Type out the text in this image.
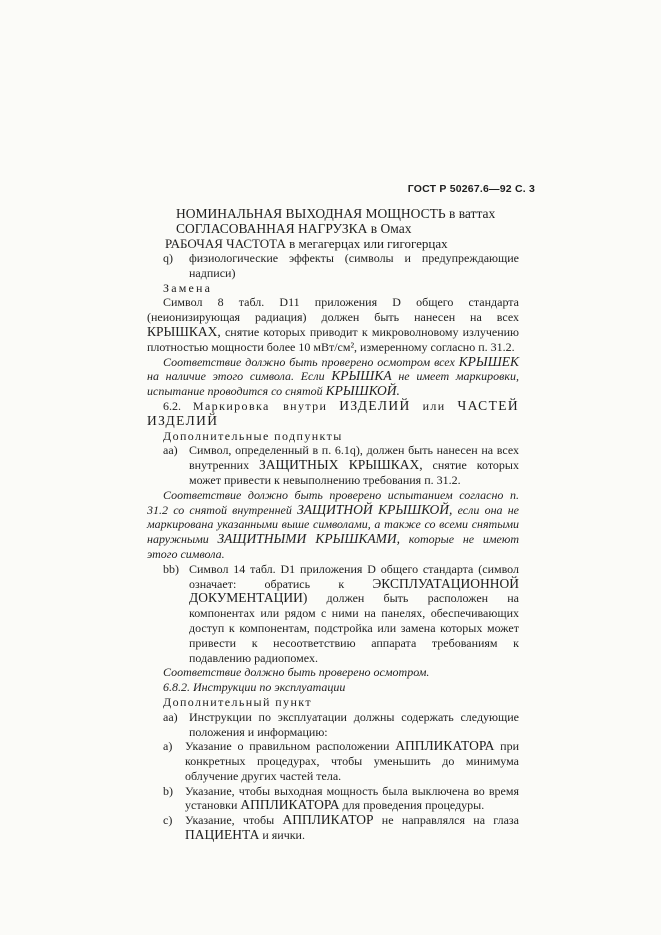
ГОСТ Р 50267.6—92 С. 3

НОМИНАЛЬНАЯ ВЫХОДНАЯ МОЩНОСТЬ в ваттах

СОГЛАСОВАННАЯ НАГРУЗКА в Омах

РАБОЧАЯ ЧАСТОТА в мегагерцах или гигогерцах

q)	физиологические эффекты (символы и предупреждающие надписи)

Замена

Символ 8 табл. D11 приложения D общего стандарта (неионизирующая радиация) должен быть нанесен на всех КРЫШКАХ, снятие которых приводит к микроволновому излучению плотностью мощности более 10 мВт/см², измеренному согласно п. 31.2.

Соответствие должно быть проверено осмотром всех КРЫШЕК на наличие этого символа. Если КРЫШКА не имеет маркировки, испытание проводится со снятой КРЫШКОЙ.

6.2. Маркировка внутри ИЗДЕЛИЙ или ЧАСТЕЙ ИЗДЕЛИЙ

Дополнительные подпункты

аа) Символ, определенный в п. 6.1q), должен быть нанесен на всех внутренних ЗАЩИТНЫХ КРЫШКАХ, снятие которых может привести к невыполнению требования п. 31.2.

Соответствие должно быть проверено испытанием согласно п. 31.2 со снятой внутренней ЗАЩИТНОЙ КРЫШКОЙ, если она не маркирована указанными выше символами, а также со всеми снятыми наружными ЗАЩИТНЫМИ КРЫШКАМИ, которые не имеют этого символа.

bb) Символ 14 табл. D1 приложения D общего стандарта (символ означает: обратись к ЭКСПЛУАТАЦИОННОЙ ДОКУМЕНТАЦИИ) должен быть расположен на компонентах или рядом с ними на панелях, обеспечивающих доступ к компонентам, подстройка или замена которых может привести к несоответствию аппарата требованиям к подавлению радиопомех.

Соответствие должно быть проверено осмотром.

6.8.2. Инструкции по эксплуатации

Дополнительный пункт

аа) Инструкции по эксплуатации должны содержать следующие положения и информацию:
а)	Указание о правильном расположении АППЛИКАТОРА при конкретных процедурах, чтобы уменьшить до минимума облучение других частей тела.
b)	Указание, чтобы выходная мощность была выключена во время установки АППЛИКАТОРА для проведения процедуры.
с)	Указание, чтобы АППЛИКАТОР не направлялся на глаза ПАЦИЕНТА и яички.
